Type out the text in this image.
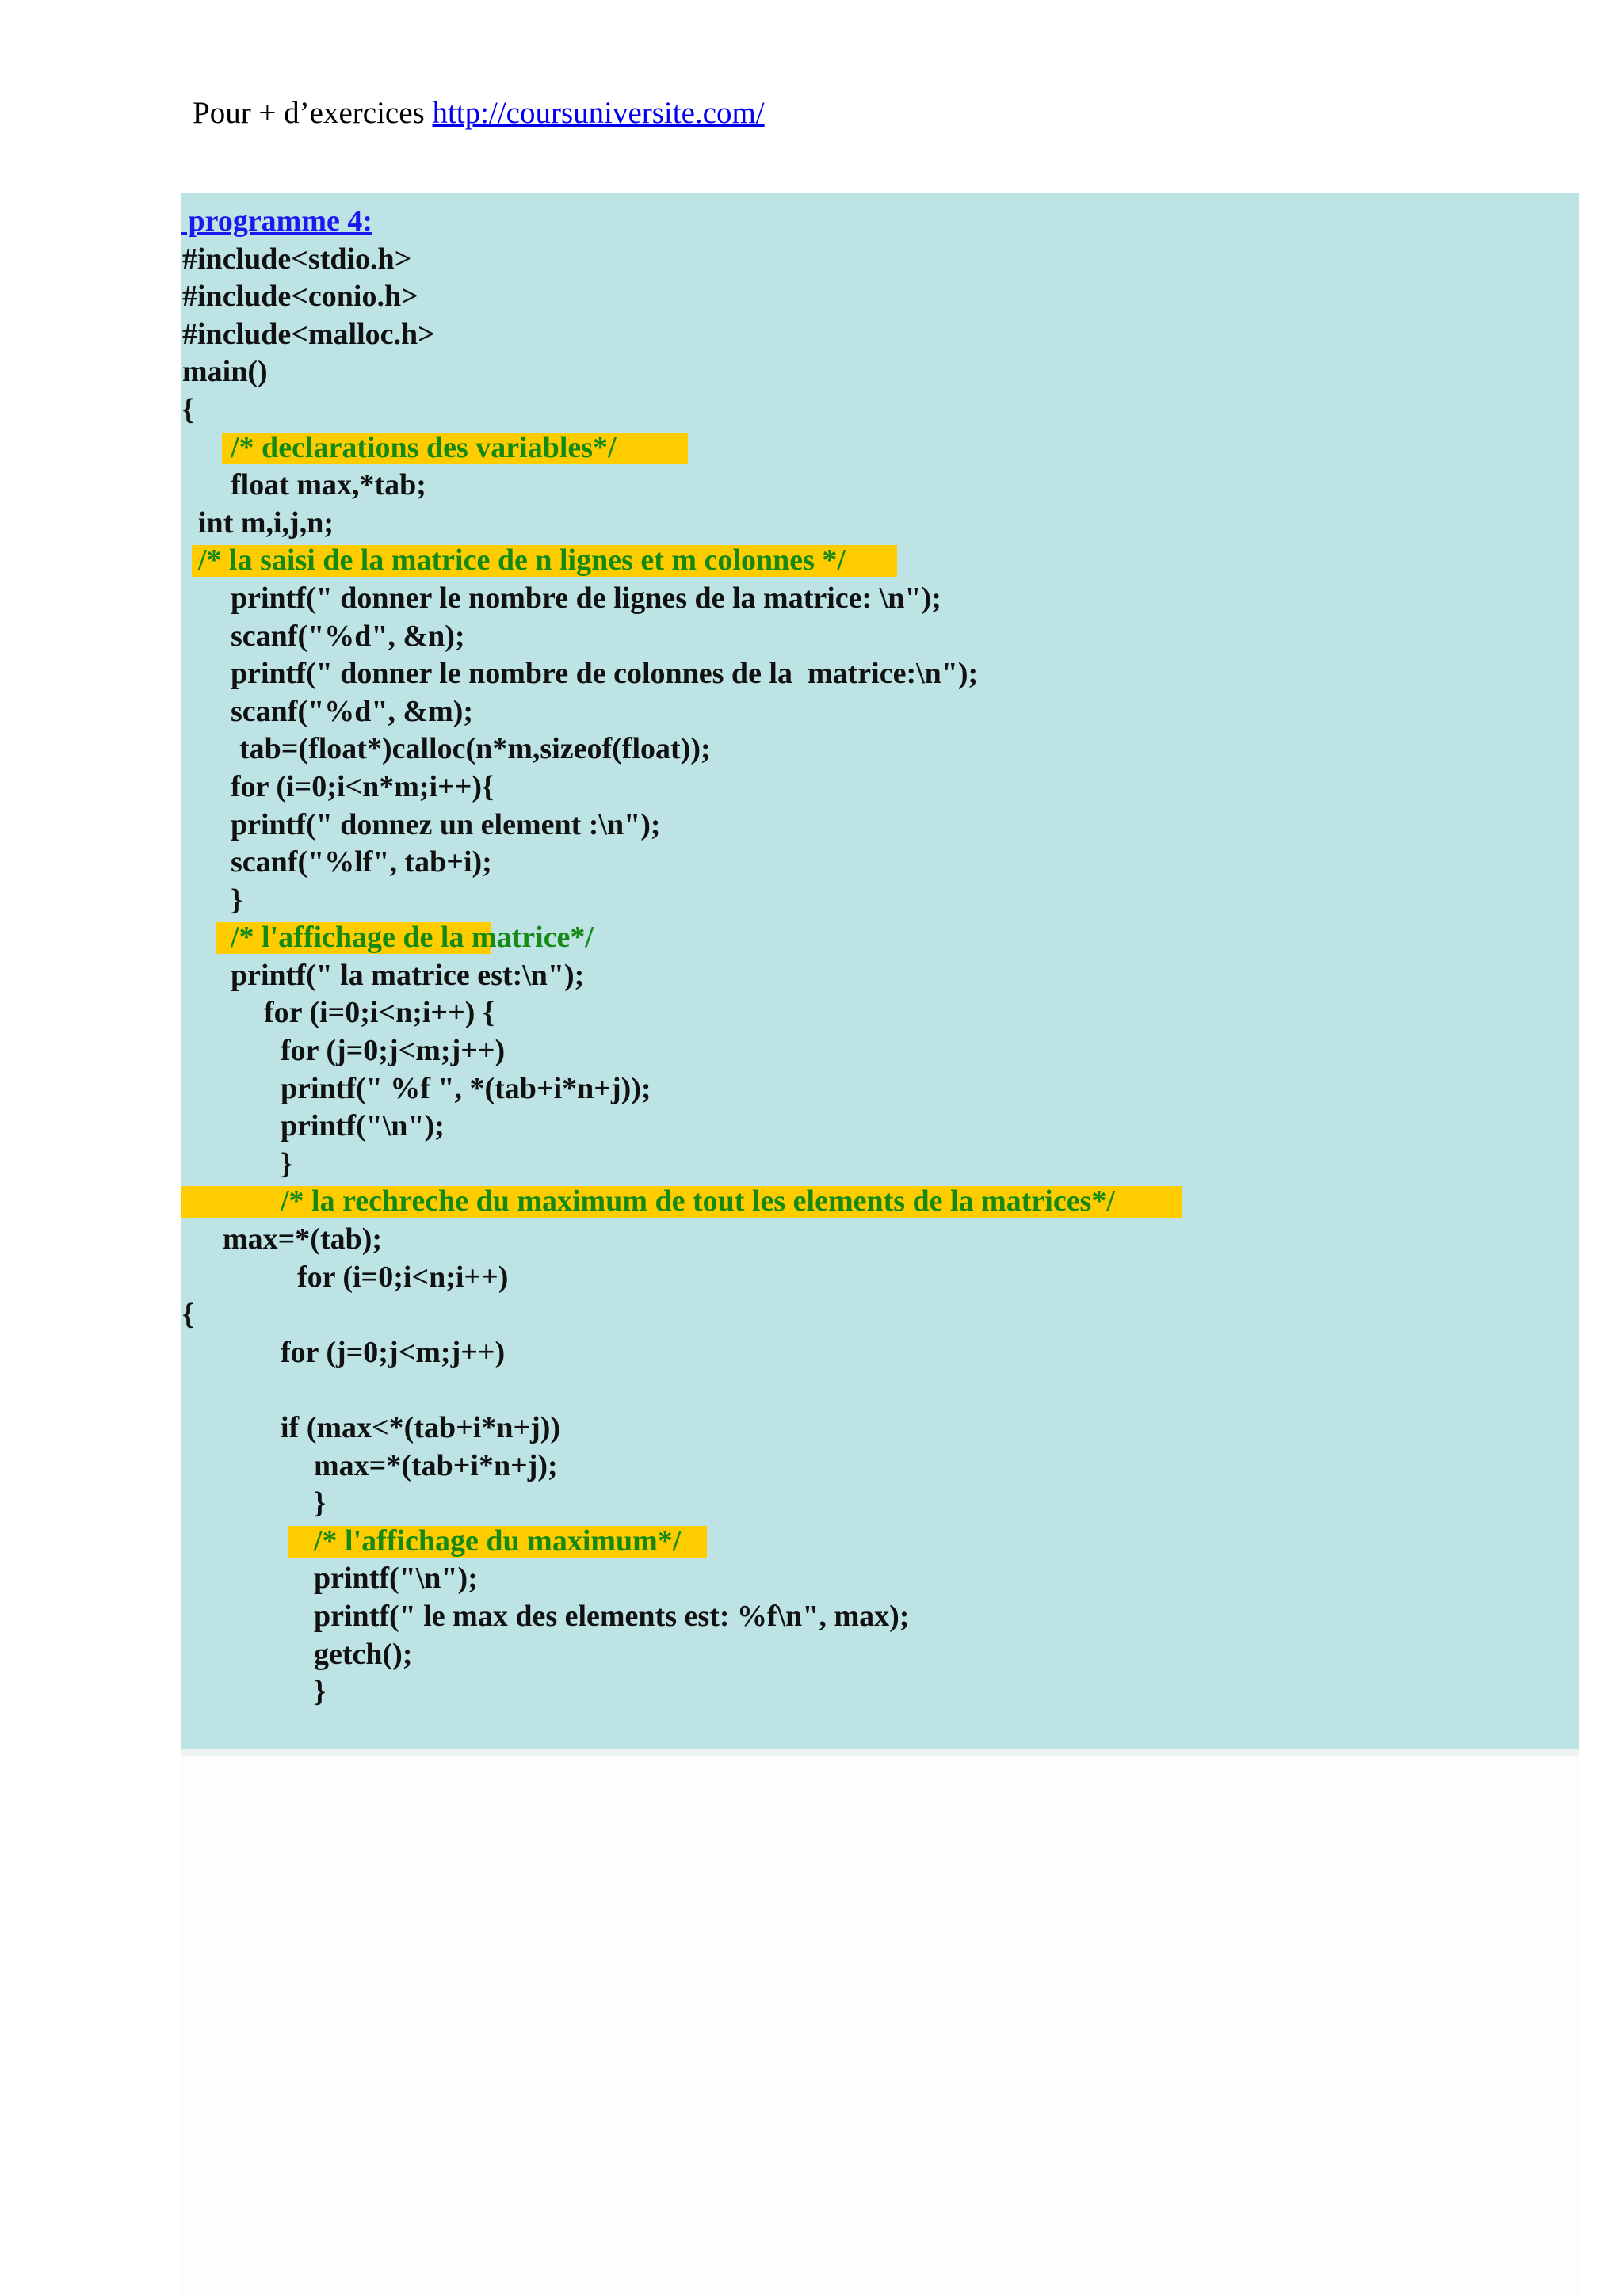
Pour + d’exercices http://coursuniversite.com/
programme 4:
#include<stdio.h>
#include<conio.h>
#include<malloc.h>
main()
{

/* declarations des variables*/

float max,*tab;
int m,i,j,n;

/* la saisi de la matrice de n lignes et m colonnes */

printf(" donner le nombre de lignes de la matrice: \n");
scanf("%d", &n);
printf(" donner le nombre de colonnes de la  matrice:\n");
scanf("%d", &m);
tab=(float*)calloc(n*m,sizeof(float));
for (i=0;i<n*m;i++){
printf(" donnez un element :\n");
scanf("%lf", tab+i);
}

/* l'affichage de la matrice*/

printf(" la matrice est:\n");
for (i=0;i<n;i++) {
for (j=0;j<m;j++)
printf(" %f ", *(tab+i*n+j));
printf("\n");
}

/* la rechreche du maximum de tout les elements de la matrices*/

max=*(tab);
for (i=0;i<n;i++)
{
for (j=0;j<m;j++)
if (max<*(tab+i*n+j))
max=*(tab+i*n+j);
}

/* l'affichage du maximum*/

printf("\n");
printf(" le max des elements est: %f\n", max);
getch();
}
